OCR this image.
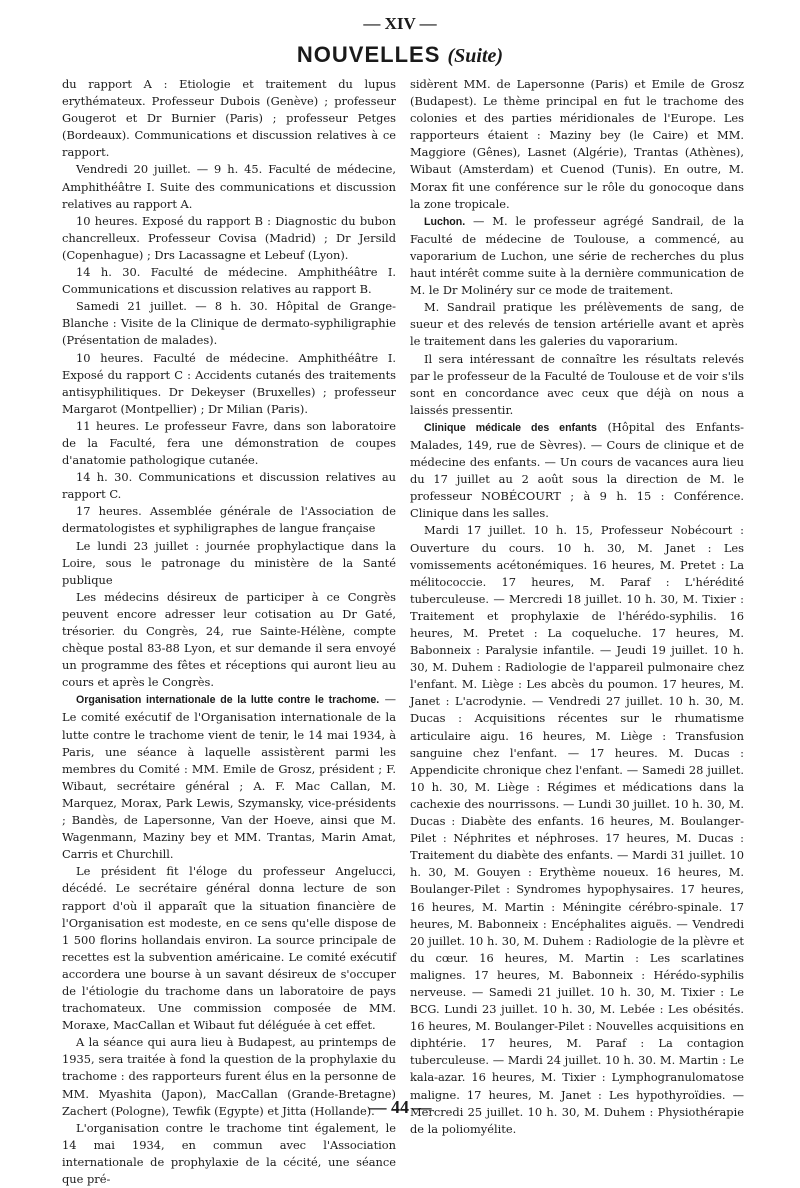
— XIV —
NOUVELLES (Suite)

du rapport A : Etiologie et traitement du lupus erythémateux. Professeur Dubois (Genève) ; professeur Gougerot et Dr Burnier (Paris) ; professeur Petges (Bordeaux). Communications et discussion relatives à ce rapport.

Vendredi 20 juillet. — 9 h. 45. Faculté de médecine, Amphithéâtre I. Suite des communications et discussion relatives au rapport A.

10 heures. Exposé du rapport B : Diagnostic du bubon chancrelleux. Professeur Covisa (Madrid) ; Dr Jersild (Copenhague) ; Drs Lacassagne et Lebeuf (Lyon).

14 h. 30. Faculté de médecine. Amphithéâtre I. Communications et discussion relatives au rapport B.

Samedi 21 juillet. — 8 h. 30. Hôpital de Grange-Blanche : Visite de la Clinique de dermato-syphiligraphie (Présentation de malades).

10 heures. Faculté de médecine. Amphithéâtre I. Exposé du rapport C : Accidents cutanés des traitements antisyphilitiques. Dr Dekeyser (Bruxelles) ; professeur Margarot (Montpellier) ; Dr Milian (Paris).

11 heures. Le professeur Favre, dans son laboratoire de la Faculté, fera une démonstration de coupes d'anatomie pathologique cutanée.

14 h. 30. Communications et discussion relatives au rapport C.

17 heures. Assemblée générale de l'Association de dermatologistes et syphiligraphes de langue française

Le lundi 23 juillet : journée prophylactique dans la Loire, sous le patronage du ministère de la Santé publique

Les médecins désireux de participer à ce Congrès peuvent encore adresser leur cotisation au Dr Gaté, trésorier. du Congrès, 24, rue Sainte-Hélène, compte chèque postal 83-88 Lyon, et sur demande il sera envoyé un programme des fêtes et réceptions qui auront lieu au cours et après le Congrès.

Organisation internationale de la lutte contre le trachome. — Le comité exécutif de l'Organisation internationale de la lutte contre le trachome vient de tenir, le 14 mai 1934, à Paris, une séance à laquelle assistèrent parmi les membres du Comité : MM. Emile de Grosz, président ; F. Wibaut, secrétaire général ; A. F. Mac Callan, M. Marquez, Morax, Park Lewis, Szymansky, vice-présidents ; Bandès, de Lapersonne, Van der Hoeve, ainsi que M. Wagenmann, Maziny bey et MM. Trantas, Marin Amat, Carris et Churchill.

Le président fit l'éloge du professeur Angelucci, décédé. Le secrétaire général donna lecture de son rapport d'où il apparaît que la situation financière de l'Organisation est modeste, en ce sens qu'elle dispose de 1 500 florins hollandais environ. La source principale de recettes est la subvention américaine. Le comité exécutif accordera une bourse à un savant désireux de s'occuper de l'étiologie du trachome dans un laboratoire de pays trachomateux. Une commission composée de MM. Moraxe, MacCallan et Wibaut fut déléguée à cet effet.

A la séance qui aura lieu à Budapest, au printemps de 1935, sera traitée à fond la question de la prophylaxie du trachome : des rapporteurs furent élus en la personne de MM. Myashita (Japon), MacCallan (Grande-Bretagne) Zachert (Pologne), Tewfik (Egypte) et Jitta (Hollande).

L'organisation contre le trachome tint également, le 14 mai 1934, en commun avec l'Association internationale de prophylaxie de la cécité, une séance que pré-

sidèrent MM. de Lapersonne (Paris) et Emile de Grosz (Budapest). Le thème principal en fut le trachome des colonies et des parties méridionales de l'Europe. Les rapporteurs étaient : Maziny bey (le Caire) et MM. Maggiore (Gênes), Lasnet (Algérie), Trantas (Athènes), Wibaut (Amsterdam) et Cuenod (Tunis). En outre, M. Morax fit une conférence sur le rôle du gonocoque dans la zone tropicale.

Luchon. — M. le professeur agrégé Sandrail, de la Faculté de médecine de Toulouse, a commencé, au vaporarium de Luchon, une série de recherches du plus haut intérêt comme suite à la dernière communication de M. le Dr Molinéry sur ce mode de traitement.

M. Sandrail pratique les prélèvements de sang, de sueur et des relevés de tension artérielle avant et après le traitement dans les galeries du vaporarium.

Il sera intéressant de connaître les résultats relevés par le professeur de la Faculté de Toulouse et de voir s'ils sont en concordance avec ceux que déjà on nous a laissés pressentir.

Clinique médicale des enfants (Hôpital des Enfants-Malades, 149, rue de Sèvres). — Cours de clinique et de médecine des enfants. — Un cours de vacances aura lieu du 17 juillet au 2 août sous la direction de M. le professeur NOBÉCOURT ; à 9 h. 15 : Conférence. Clinique dans les salles.

Mardi 17 juillet. 10 h. 15, Professeur Nobécourt : Ouverture du cours. 10 h. 30, M. Janet : Les vomissements acétonémiques. 16 heures, M. Pretet : La mélitococcie. 17 heures, M. Paraf : L'hérédité tuberculeuse. — Mercredi 18 juillet. 10 h. 30, M. Tixier : Traitement et prophylaxie de l'hérédo-syphilis. 16 heures, M. Pretet : La coqueluche. 17 heures, M. Babonneix : Paralysie infantile. — Jeudi 19 juillet. 10 h. 30, M. Duhem : Radiologie de l'appareil pulmonaire chez l'enfant. M. Liège : Les abcès du poumon. 17 heures, M. Janet : L'acrodynie. — Vendredi 27 juillet. 10 h. 30, M. Ducas : Acquisitions récentes sur le rhumatisme articulaire aigu. 16 heures, M. Liège : Transfusion sanguine chez l'enfant. — 17 heures. M. Ducas : Appendicite chronique chez l'enfant. — Samedi 28 juillet. 10 h. 30, M. Liège : Régimes et médications dans la cachexie des nourrissons. — Lundi 30 juillet. 10 h. 30, M. Ducas : Diabète des enfants. 16 heures, M. Boulanger-Pilet : Néphrites et néphroses. 17 heures, M. Ducas : Traitement du diabète des enfants. — Mardi 31 juillet. 10 h. 30, M. Gouyen : Erythème noueux. 16 heures, M. Boulanger-Pilet : Syndromes hypophysaires. 17 heures, 16 heures, M. Martin : Méningite cérébro-spinale. 17 heures, M. Babonneix : Encéphalites aiguës. — Vendredi 20 juillet. 10 h. 30, M. Duhem : Radiologie de la plèvre et du cœur. 16 heures, M. Martin : Les scarlatines malignes. 17 heures, M. Babonneix : Hérédo-syphilis nerveuse. — Samedi 21 juillet. 10 h. 30, M. Tixier : Le BCG. Lundi 23 juillet. 10 h. 30, M. Lebée : Les obésités. 16 heures, M. Boulanger-Pilet : Nouvelles acquisitions en diphtérie. 17 heures, M. Paraf : La contagion tuberculeuse. — Mardi 24 juillet. 10 h. 30. M. Martin : Le kala-azar. 16 heures, M. Tixier : Lymphogranulomatose maligne. 17 heures, M. Janet : Les hypothyroïdies. — Mercredi 25 juillet. 10 h. 30, M. Duhem : Physiothérapie de la poliomyélite.

— 44 —
